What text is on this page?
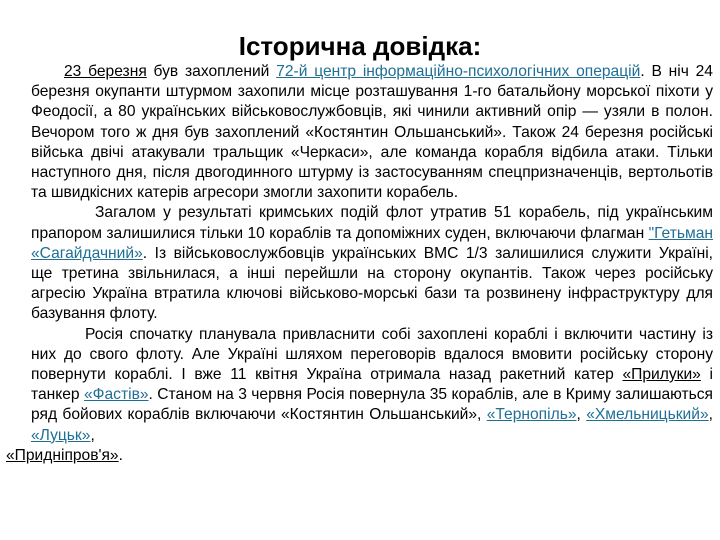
Історична довідка:

23 березня був захоплений 72-й центр інформаційно-психологічних операцій. В ніч 24 березня окупанти штурмом захопили місце розташування 1-го батальйону морської піхоти у Феодосії, а 80 українських військовослужбовців, які чинили активний опір — узяли в полон. Вечором того ж дня був захоплений «Костянтин Ольшанський». Також 24 березня російські війська двічі атакували тральщик «Черкаси», але команда корабля відбила атаки. Тільки наступного дня, після двогодинного штурму із застосуванням спецпризначенців, вертольотів та швидкісних катерів агресори змогли захопити корабель.

Загалом у результаті кримських подій флот утратив 51 корабель, під українським прапором залишилися тільки 10 кораблів та допоміжних суден, включаючи флагман "Гетьман «Сагайдачний». Із військовослужбовців українських ВМС 1/3 залишилися служити Україні, ще третина звільнилася, а інші перейшли на сторону окупантів. Також через російську агресію Україна втратила ключові військово-морські бази та розвинену інфраструктуру для базування флоту.

Росія спочатку планувала привласнити собі захоплені кораблі і включити частину із них до свого флоту. Але Україні шляхом переговорів вдалося вмовити російську сторону повернути кораблі. І вже 11 квітня Україна отримала назад ракетний катер «Прилуки» і танкер «Фастів». Станом на 3 червня Росія повернула 35 кораблів, але в Криму залишаються ряд бойових кораблів включаючи «Костянтин Ольшанський», «Тернопіль», «Хмельницький», «Луцьк»,
«Придніпров'я».
